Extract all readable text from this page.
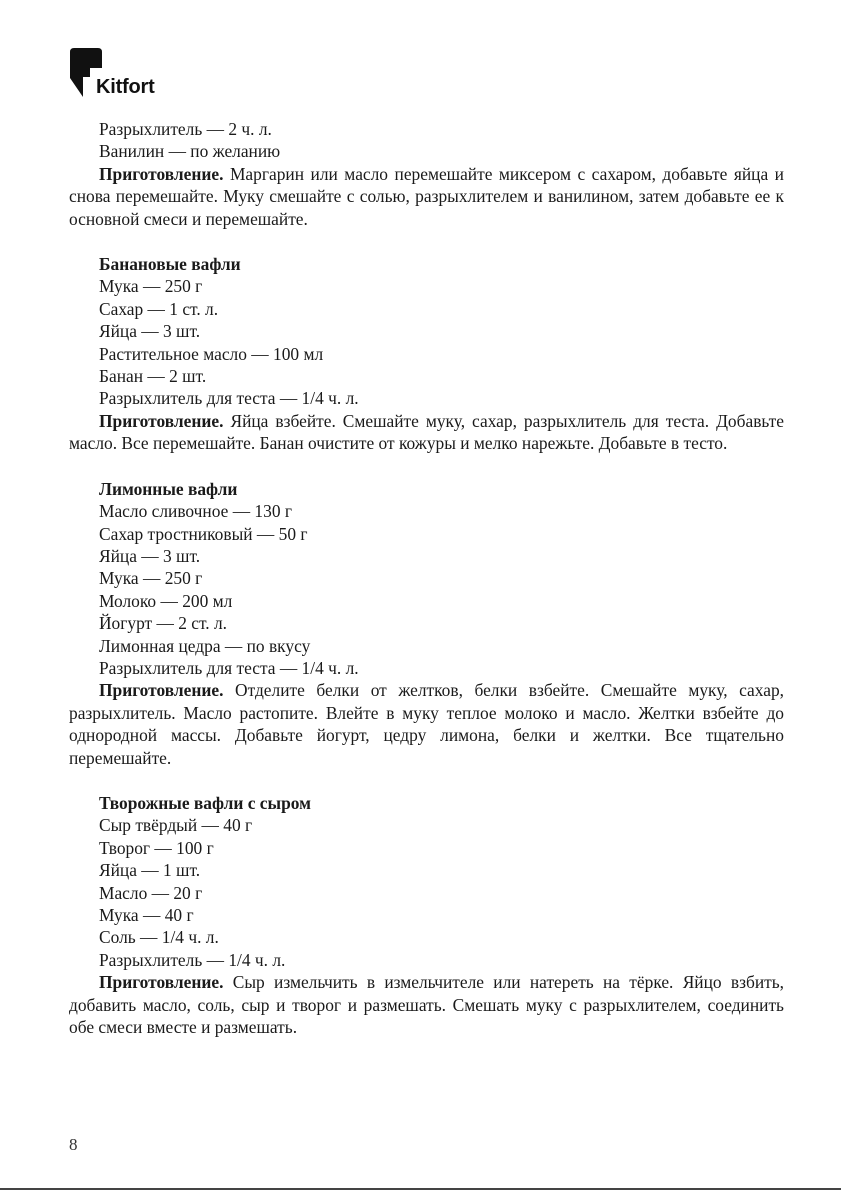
Kitfort
Разрыхлитель — 2 ч. л.
Ванилин — по желанию

Приготовление. Маргарин или масло перемешайте миксером с сахаром, добавьте яйца и снова перемешайте. Муку смешайте с солью, разрыхлителем и ванилином, затем добавьте ее к основной смеси и перемешайте.

Банановые вафли
Мука — 250 г
Сахар — 1 ст. л.
Яйца — 3 шт.
Растительное масло — 100 мл
Банан — 2 шт.
Разрыхлитель для теста — 1/4 ч. л.

Приготовление. Яйца взбейте. Смешайте муку, сахар, разрыхлитель для теста. Добавьте масло. Все перемешайте. Банан очистите от кожуры и мелко нарежьте. Добавьте в тесто.

Лимонные вафли
Масло сливочное — 130 г
Сахар тростниковый — 50 г
Яйца — 3 шт.
Мука — 250 г
Молоко — 200 мл
Йогурт — 2 ст. л.
Лимонная цедра — по вкусу
Разрыхлитель для теста — 1/4 ч. л.

Приготовление. Отделите белки от желтков, белки взбейте. Смешайте муку, сахар, разрыхлитель. Масло растопите. Влейте в муку теплое молоко и масло. Желтки взбейте до однородной массы. Добавьте йогурт, цедру лимона, белки и желтки. Все тщательно перемешайте.

Творожные вафли с сыром
Сыр твёрдый — 40 г
Творог — 100 г
Яйца — 1 шт.
Масло — 20 г
Мука — 40 г
Соль — 1/4 ч. л.
Разрыхлитель — 1/4 ч. л.

Приготовление. Сыр измельчить в измельчителе или натереть на тёрке. Яйцо взбить, добавить масло, соль, сыр и творог и размешать. Смешать муку с разрыхлителем, соединить обе смеси вместе и размешать.

8
